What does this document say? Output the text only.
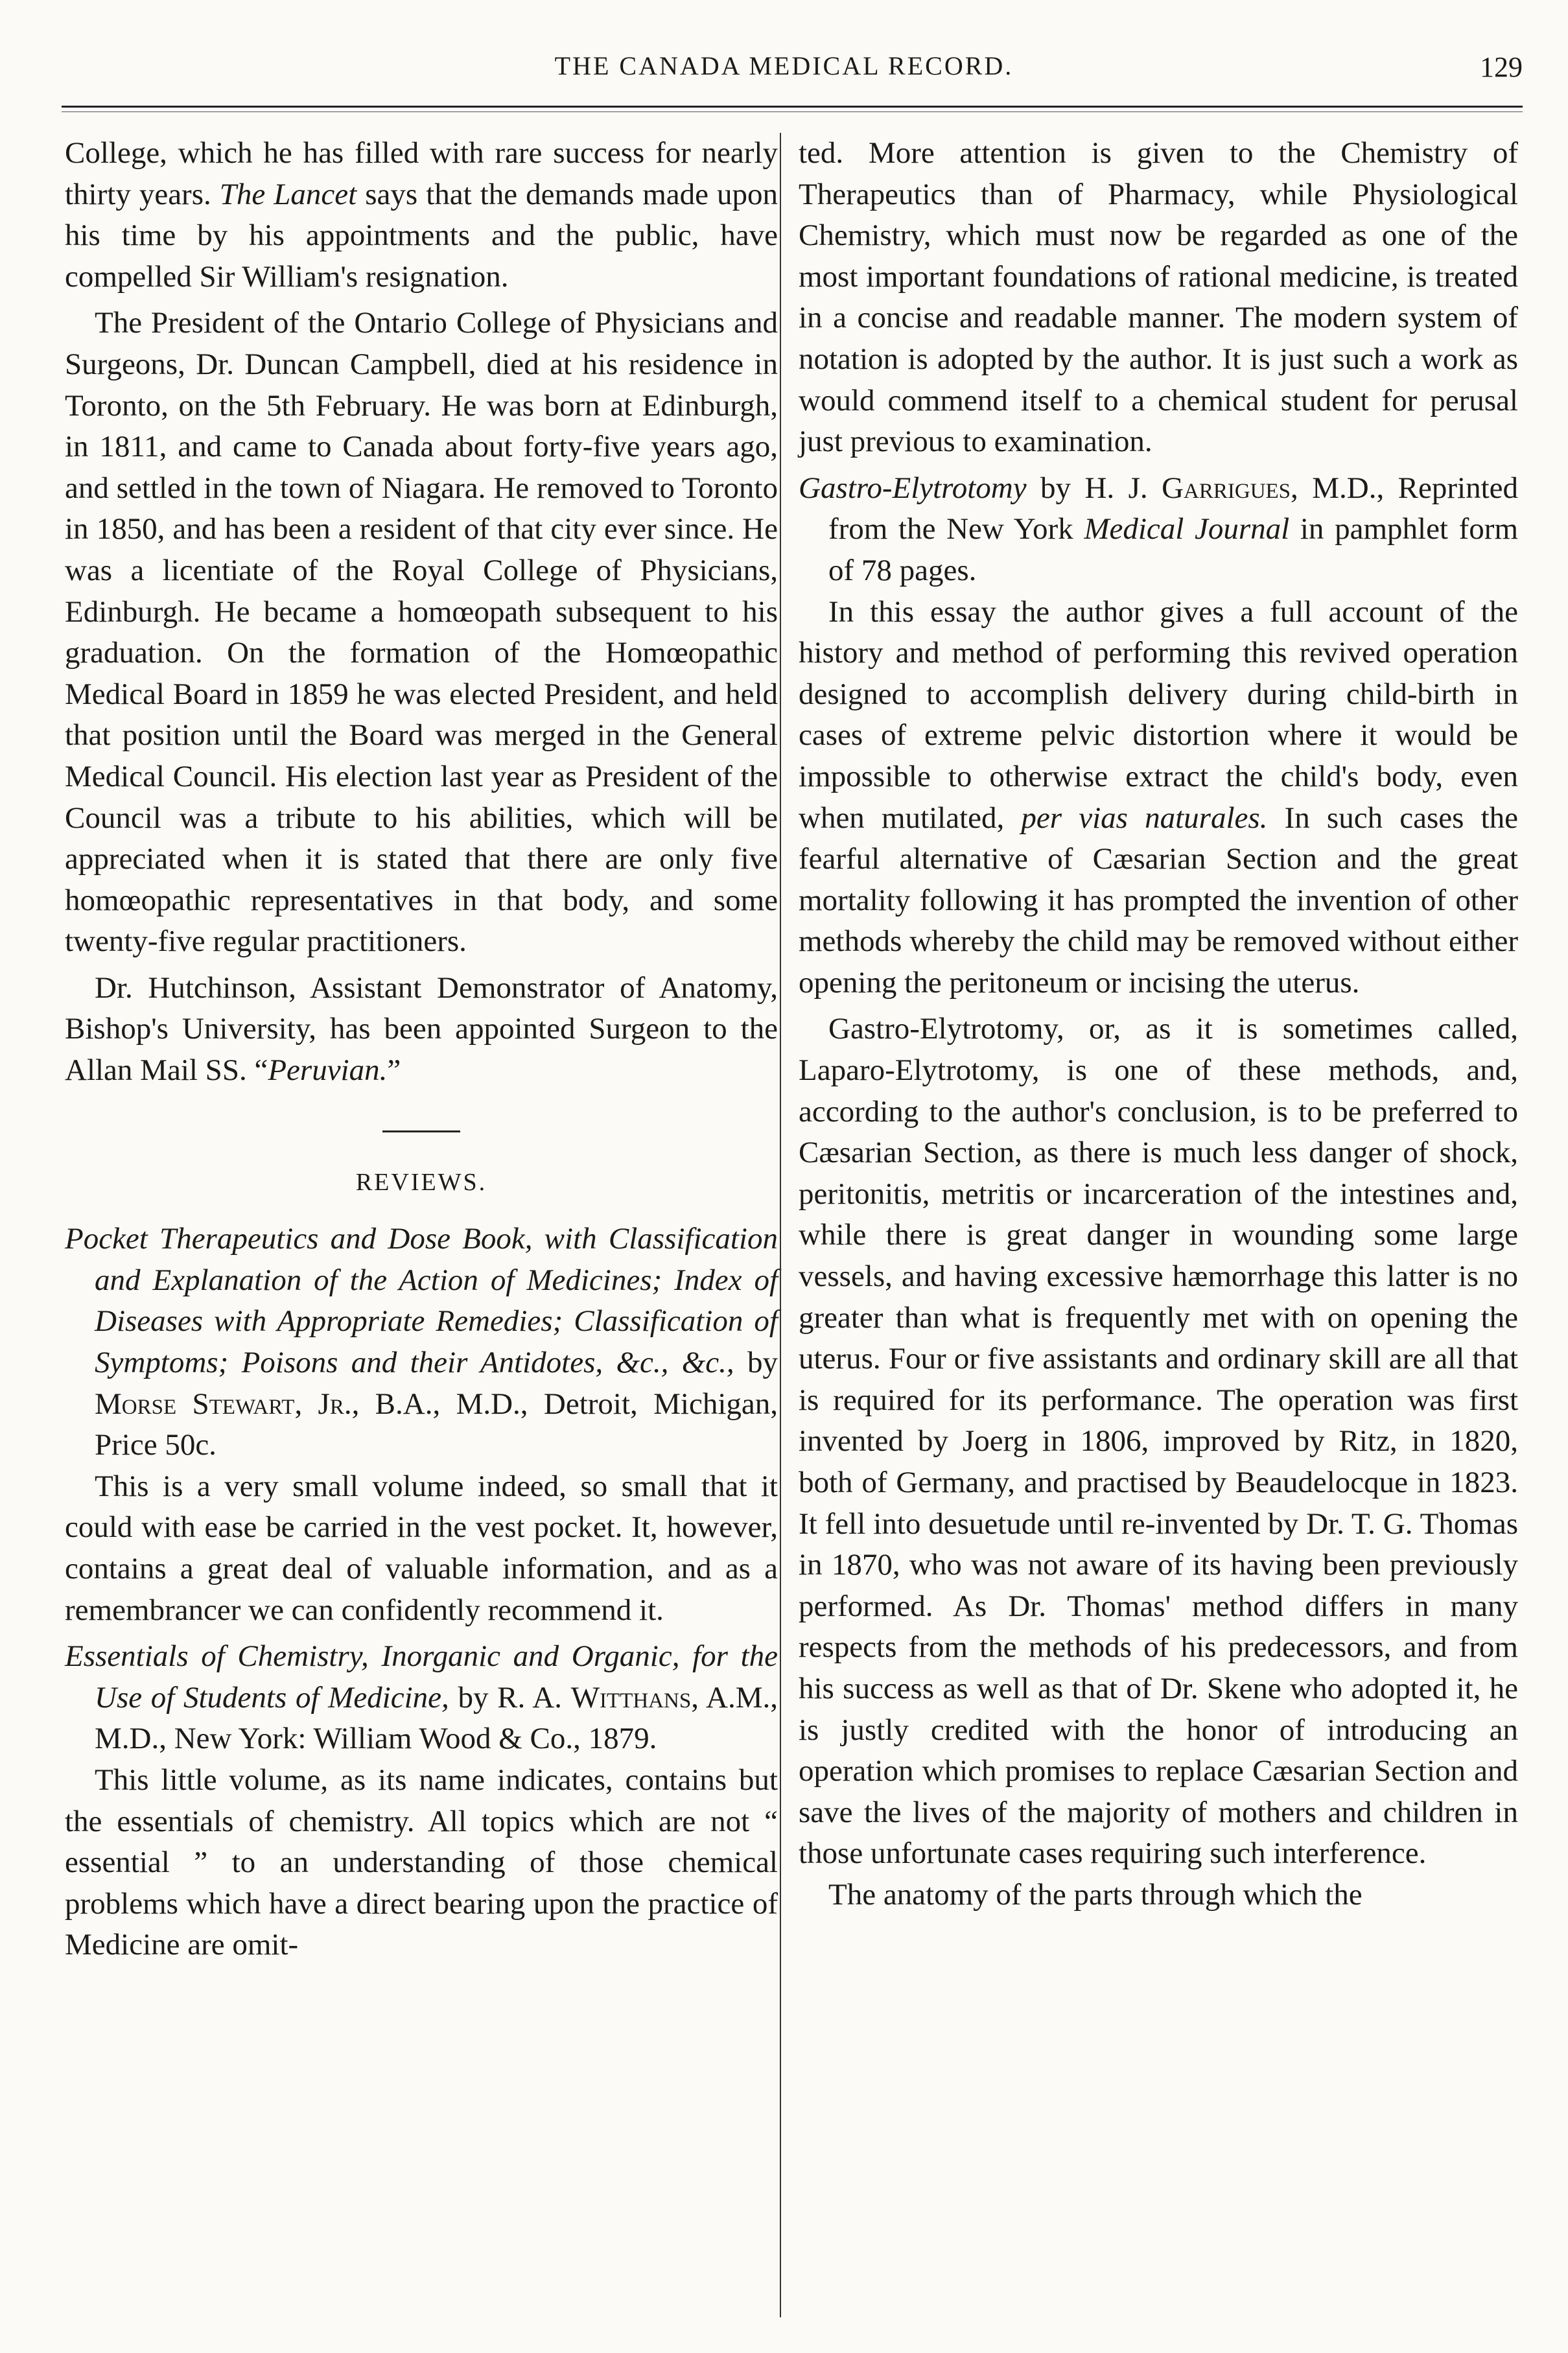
THE CANADA MEDICAL RECORD.	129

College, which he has filled with rare success for nearly thirty years. The Lancet says that the demands made upon his time by his appointments and the public, have compelled Sir William's resignation.

The President of the Ontario College of Physicians and Surgeons, Dr. Duncan Campbell, died at his residence in Toronto, on the 5th February. He was born at Edinburgh, in 1811, and came to Canada about forty-five years ago, and settled in the town of Niagara. He removed to Toronto in 1850, and has been a resident of that city ever since. He was a licentiate of the Royal College of Physicians, Edinburgh. He became a homœopath subsequent to his graduation. On the formation of the Homœopathic Medical Board in 1859 he was elected President, and held that position until the Board was merged in the General Medical Council. His election last year as President of the Council was a tribute to his abilities, which will be appreciated when it is stated that there are only five homœopathic representatives in that body, and some twenty-five regular practitioners.

Dr. Hutchinson, Assistant Demonstrator of Anatomy, Bishop's University, has been appointed Surgeon to the Allan Mail SS. “Peruvian.”

REVIEWS.

Pocket Therapeutics and Dose Book, with Classification and Explanation of the Action of Medicines; Index of Diseases with Appropriate Remedies; Classification of Symptoms; Poisons and their Antidotes, &c., &c., by Morse Stewart, Jr., B.A., M.D., Detroit, Michigan, Price 50c.

This is a very small volume indeed, so small that it could with ease be carried in the vest pocket. It, however, contains a great deal of valuable information, and as a remembrancer we can confidently recommend it.

Essentials of Chemistry, Inorganic and Organic, for the Use of Students of Medicine, by R. A. Witthans, A.M., M.D., New York: William Wood & Co., 1879.

This little volume, as its name indicates, contains but the essentials of chemistry. All topics which are not “ essential ” to an understanding of those chemical problems which have a direct bearing upon the practice of Medicine are omit-

ted. More attention is given to the Chemistry of Therapeutics than of Pharmacy, while Physiological Chemistry, which must now be regarded as one of the most important foundations of rational medicine, is treated in a concise and readable manner. The modern system of notation is adopted by the author. It is just such a work as would commend itself to a chemical student for perusal just previous to examination.

Gastro-Elytrotomy by H. J. Garrigues, M.D., Reprinted from the New York Medical Journal in pamphlet form of 78 pages.

In this essay the author gives a full account of the history and method of performing this revived operation designed to accomplish delivery during child-birth in cases of extreme pelvic distortion where it would be impossible to otherwise extract the child's body, even when mutilated, per vias naturales. In such cases the fearful alternative of Cæsarian Section and the great mortality following it has prompted the invention of other methods whereby the child may be removed without either opening the peritoneum or incising the uterus.

Gastro-Elytrotomy, or, as it is sometimes called, Laparo-Elytrotomy, is one of these methods, and, according to the author's conclusion, is to be preferred to Cæsarian Section, as there is much less danger of shock, peritonitis, metritis or incarceration of the intestines and, while there is great danger in wounding some large vessels, and having excessive hæmorrhage this latter is no greater than what is frequently met with on opening the uterus. Four or five assistants and ordinary skill are all that is required for its performance. The operation was first invented by Joerg in 1806, improved by Ritz, in 1820, both of Germany, and practised by Beaudelocque in 1823. It fell into desuetude until re-invented by Dr. T. G. Thomas in 1870, who was not aware of its having been previously performed. As Dr. Thomas' method differs in many respects from the methods of his predecessors, and from his success as well as that of Dr. Skene who adopted it, he is justly credited with the honor of introducing an operation which promises to replace Cæsarian Section and save the lives of the majority of mothers and children in those unfortunate cases requiring such interference.

The anatomy of the parts through which the
